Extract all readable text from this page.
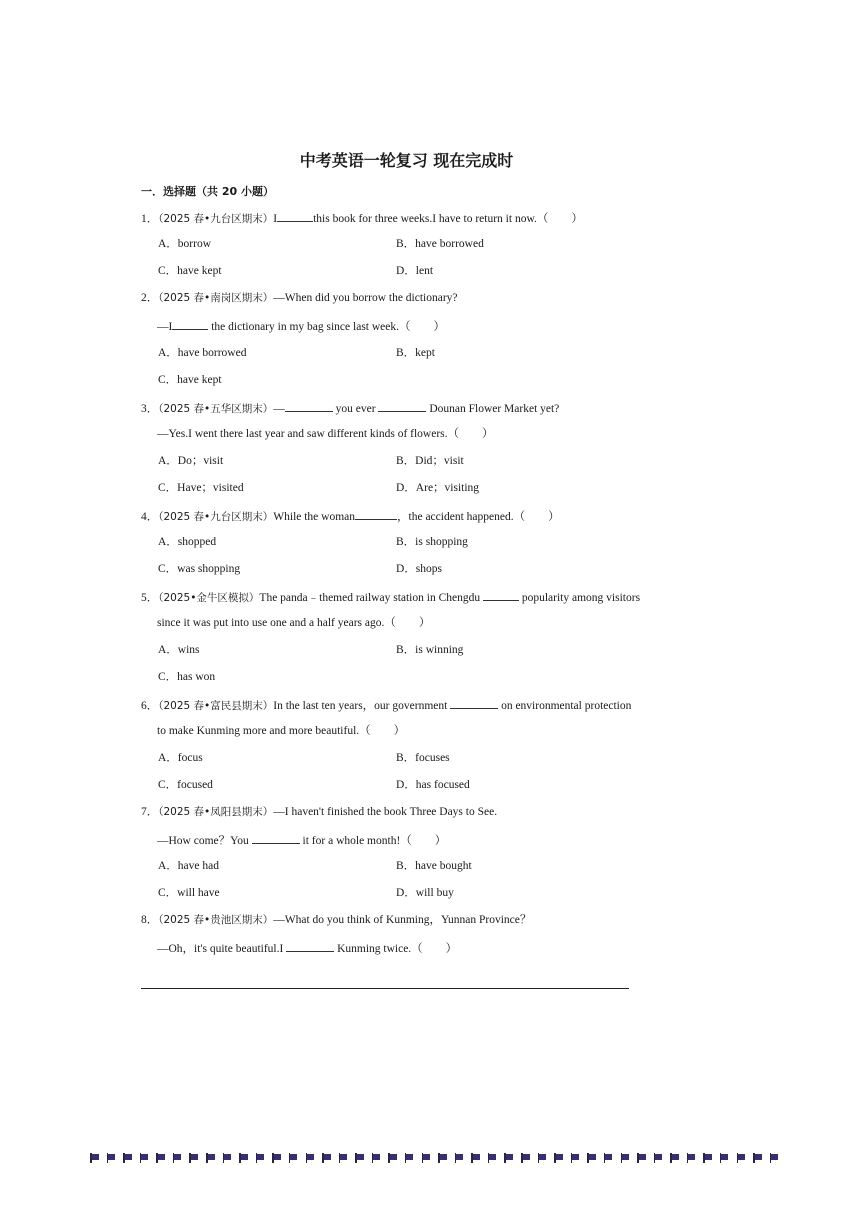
中考英语一轮复习 现在完成时
一．选择题（共 20 小题）
1．（2025 春•九台区期末）I	this book for three weeks.I have to return it now.（　　）
A．borrow	B．have borrowed
C．have kept	D．lent
2．（2025 春•南岗区期末）—When did you borrow the dictionary?
—I	the dictionary in my bag since last week.（　　）
A．have borrowed	B．kept
C．have kept
3．（2025 春•五华区期末）—	you ever	Dounan Flower Market yet?
—Yes.I went there last year and saw different kinds of flowers.（　　）
A．Do；visit	B．Did；visit
C．Have；visited	D．Are；visiting
4．（2025 春•九台区期末）While the woman	，the accident happened.（　　）
A．shopped	B．is shopping
C．was shopping	D．shops
5．（2025•金牛区模拟）The panda﹣themed railway station in Chengdu	popularity among visitors
since it was put into use one and a half years ago.（　　）
A．wins	B．is winning
C．has won
6．（2025 春•富民县期末）In the last ten years，our government	on environmental protection
to make Kunming more and more beautiful.（　　）
A．focus	B．focuses
C．focused	D．has focused
7．（2025 春•凤阳县期末）—I haven't finished the book Three Days to See.
—How come？You	it for a whole month!（　　）
A．have had	B．have bought
C．will have	D．will buy
8．（2025 春•贵池区期末）—What do you think of Kunming，Yunnan Province？
—Oh，it's quite beautiful.I	Kunming twice.（　　）
